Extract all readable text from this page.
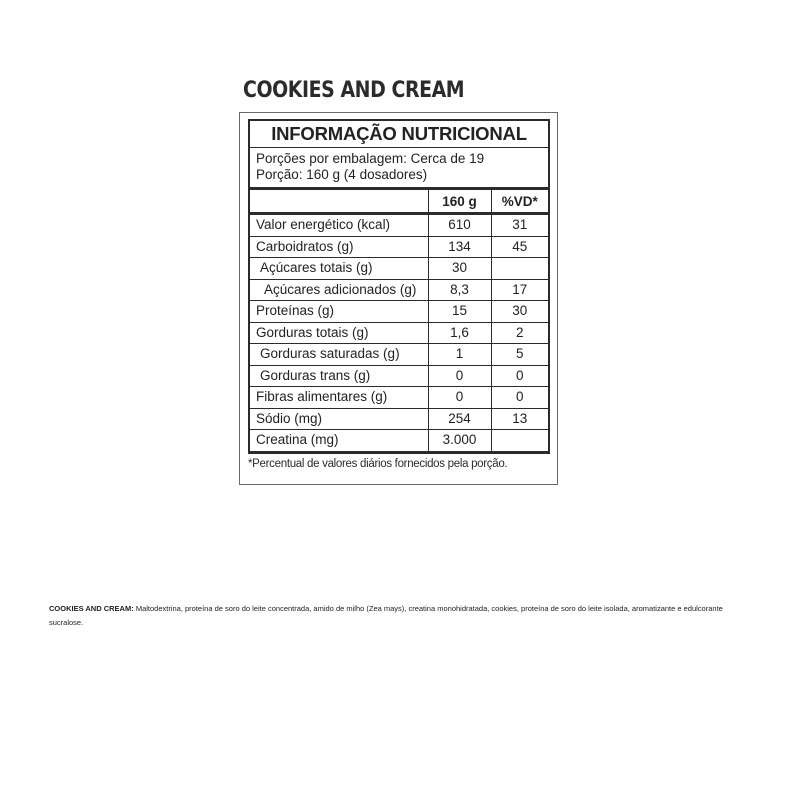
COOKIES AND CREAM
INFORMAÇÃO NUTRICIONAL
Porções por embalagem: Cerca de 19
Porção: 160 g (4 dosadores)
	160 g	%VD*
Valor energético (kcal)	610	31
Carboidratos (g)	134	45
Açúcares totais (g)	30	
Açúcares adicionados (g)	8,3	17
Proteínas (g)	15	30
Gorduras totais (g)	1,6	2
Gorduras saturadas (g)	1	5
Gorduras trans (g)	0	0
Fibras alimentares (g)	0	0
Sódio (mg)	254	13
Creatina (mg)	3.000	
*Percentual de valores diários fornecidos pela porção.
COOKIES AND CREAM: Maltodextrina, proteína de soro do leite concentrada, amido de milho (Zea mays), creatina monohidratada, cookies, proteína de soro do leite isolada, aromatizante e edulcorante sucralose.
